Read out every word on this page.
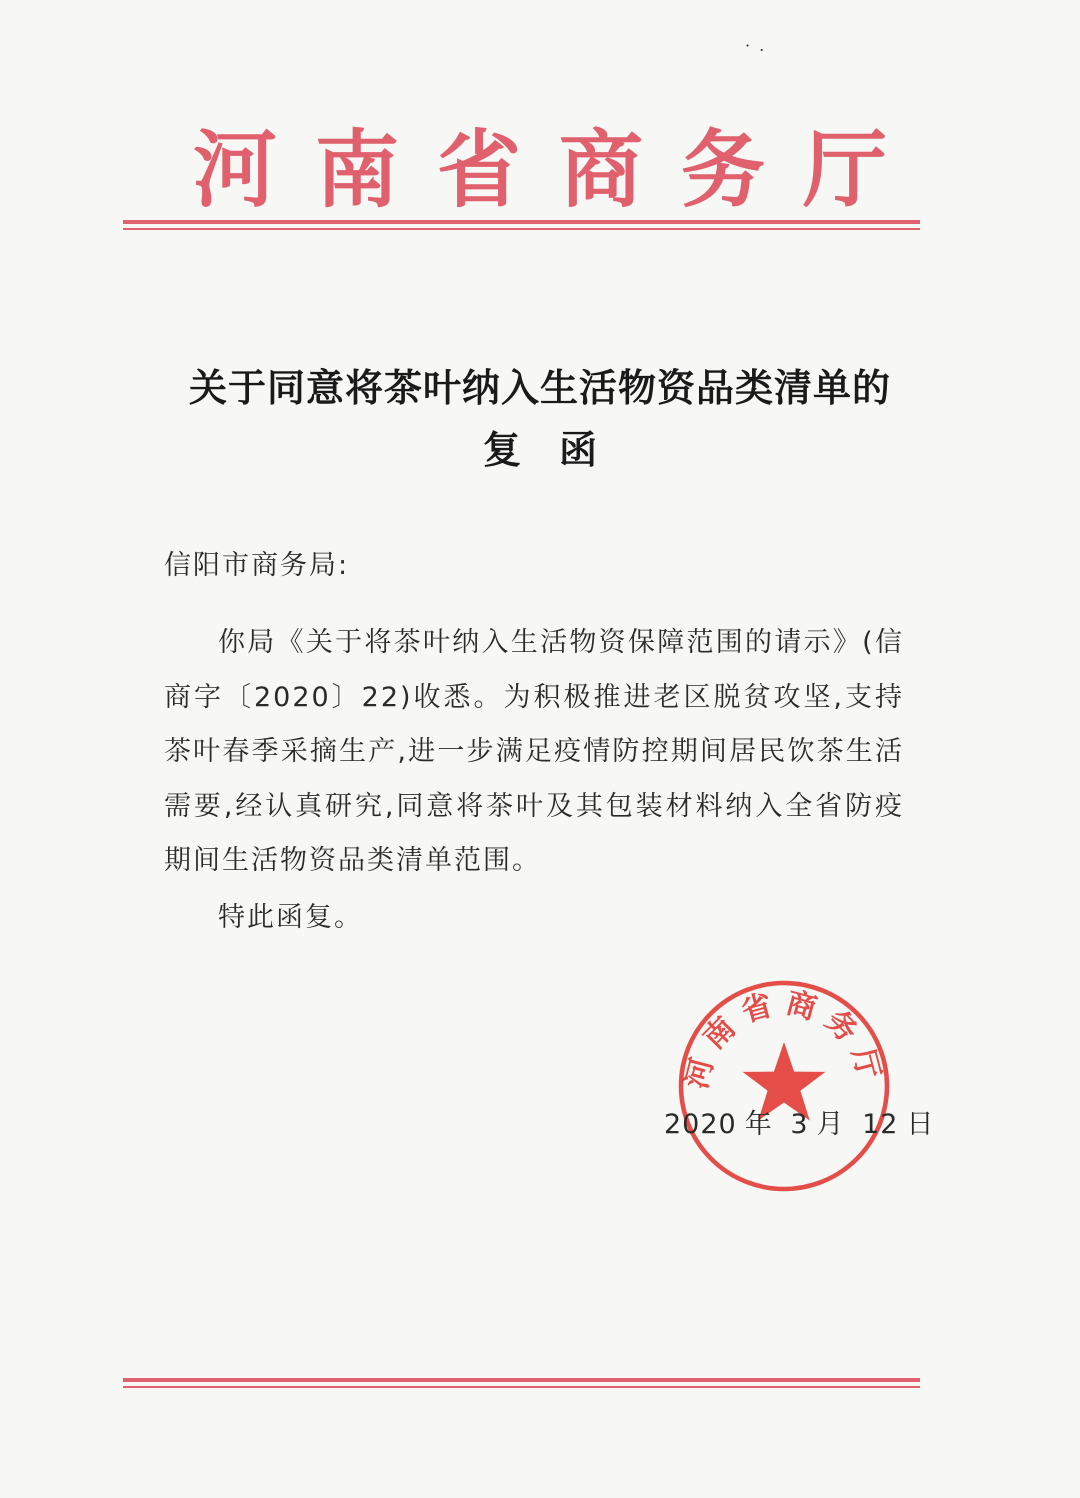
· .
河南省商务厅
关于同意将茶叶纳入生活物资品类清单的
复函
信阳市商务局:
你局《关于将茶叶纳入生活物资保障范围的请示》(信商字〔2020〕22)收悉。为积极推进老区脱贫攻坚,支持茶叶春季采摘生产,进一步满足疫情防控期间居民饮茶生活需要,经认真研究,同意将茶叶及其包装材料纳入全省防疫期间生活物资品类清单范围。
特此函复。
河南省商务厅
2020 年 3 月 12 日
